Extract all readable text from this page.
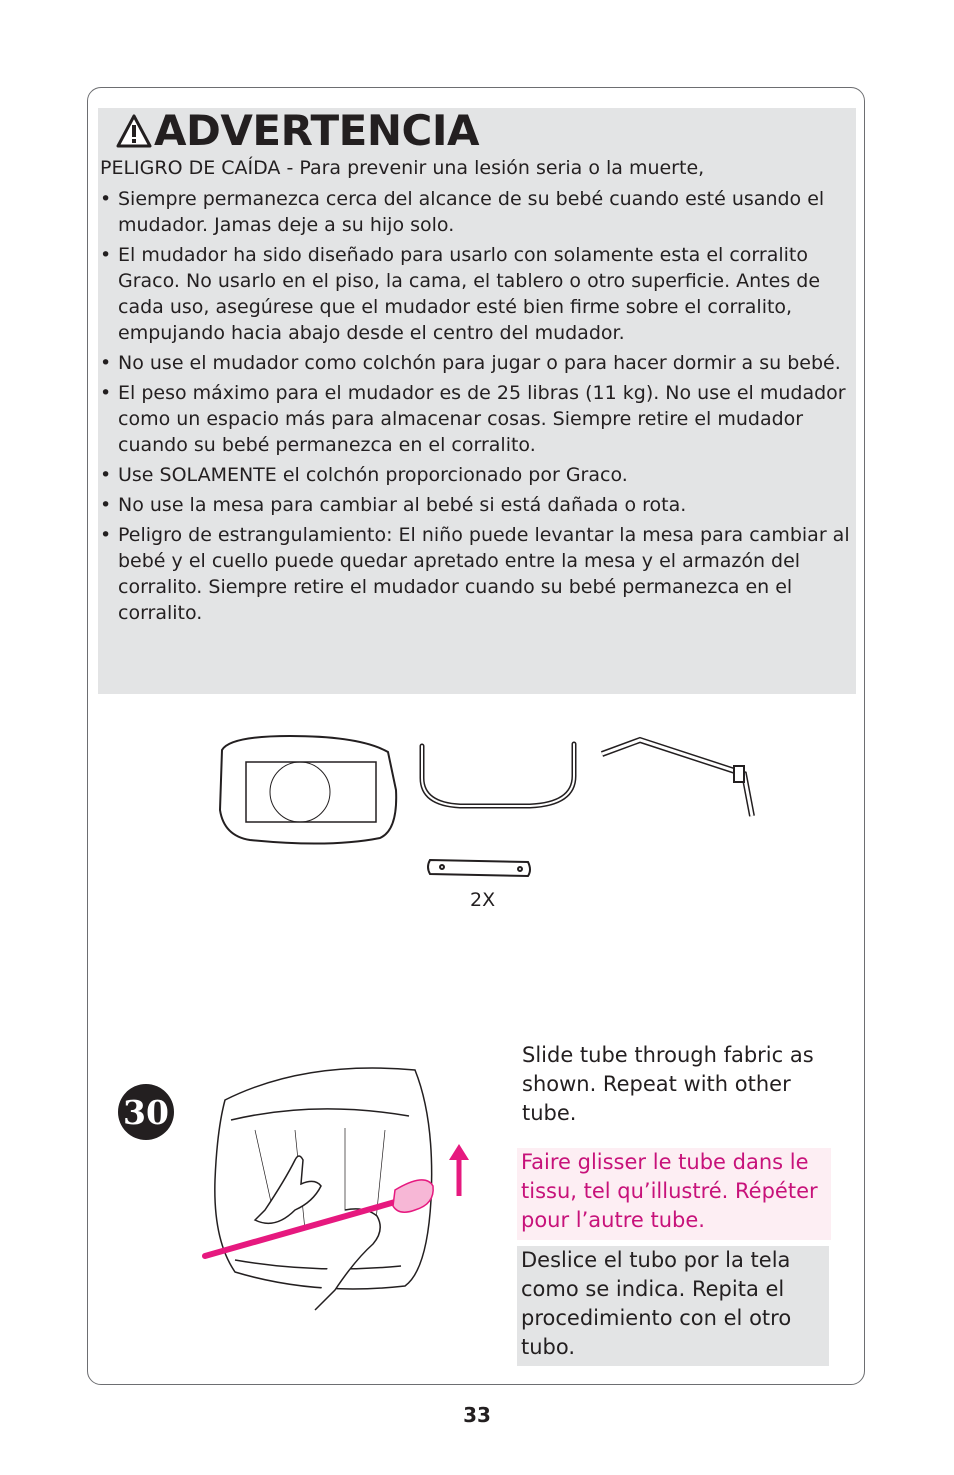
ADVERTENCIA
PELIGRO DE CAÍDA - Para prevenir una lesión seria o la muerte,
• Siempre permanezca cerca del alcance de su bebé cuando esté usando el mudador. Jamas deje a su hijo solo.
• El mudador ha sido diseñado para usarlo con solamente esta el corralito Graco. No usarlo en el piso, la cama, el tablero o otro superficie. Antes de cada uso, asegúrese que el mudador esté bien firme sobre el corralito, empujando hacia abajo desde el centro del mudador.
• No use el mudador como colchón para jugar o para hacer dormir a su bebé.
• El peso máximo para el mudador es de 25 libras (11 kg). No use el mudador como un espacio más para almacenar cosas. Siempre retire el mudador cuando su bebé permanezca en el corralito.
• Use SOLAMENTE el colchón proporcionado por Graco.
• No use la mesa para cambiar al bebé si está dañada o rota.
• Peligro de estrangulamiento: El niño puede levantar la mesa para cambiar al bebé y el cuello puede quedar apretado entre la mesa y el armazón del corralito. Siempre retire el mudador cuando su bebé permanezca en el corralito.
2X
30
Slide tube through fabric as shown. Repeat with other tube.
Faire glisser le tube dans le tissu, tel qu’illustré. Répéter pour l’autre tube.
Deslice el tubo por la tela como se indica. Repita el procedimiento con el otro tubo.
33
